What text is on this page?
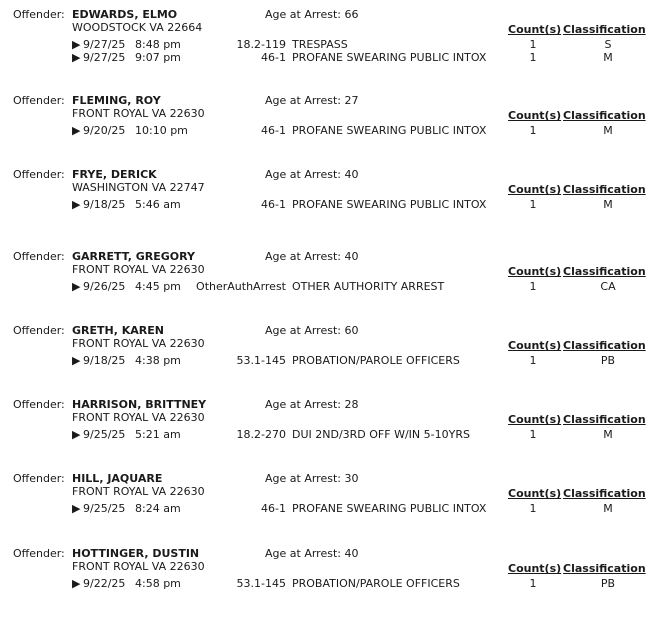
Offender: EDWARDS, ELMO
WOODSTOCK VA 22664
Age at Arrest: 66
Count(s) Classification
▶ 9/27/25 8:48 pm	18.2-119 TRESPASS	1	S
▶ 9/27/25 9:07 pm	46-1 PROFANE SWEARING PUBLIC INTOX	1	M
Offender: FLEMING, ROY
FRONT ROYAL VA 22630
Age at Arrest: 27
Count(s) Classification
▶ 9/20/25 10:10 pm	46-1 PROFANE SWEARING PUBLIC INTOX	1	M
Offender: FRYE, DERICK
WASHINGTON VA 22747
Age at Arrest: 40
Count(s) Classification
▶ 9/18/25 5:46 am	46-1 PROFANE SWEARING PUBLIC INTOX	1	M
Offender: GARRETT, GREGORY
FRONT ROYAL VA 22630
Age at Arrest: 40
Count(s) Classification
▶ 9/26/25 4:45 pm	OtherAuthArrest OTHER AUTHORITY ARREST	1	CA
Offender: GRETH, KAREN
FRONT ROYAL VA 22630
Age at Arrest: 60
Count(s) Classification
▶ 9/18/25 4:38 pm	53.1-145 PROBATION/PAROLE OFFICERS	1	PB
Offender: HARRISON, BRITTNEY
FRONT ROYAL VA 22630
Age at Arrest: 28
Count(s) Classification
▶ 9/25/25 5:21 am	18.2-270 DUI 2ND/3RD OFF W/IN 5-10YRS	1	M
Offender: HILL, JAQUARE
FRONT ROYAL VA 22630
Age at Arrest: 30
Count(s) Classification
▶ 9/25/25 8:24 am	46-1 PROFANE SWEARING PUBLIC INTOX	1	M
Offender: HOTTINGER, DUSTIN
FRONT ROYAL VA 22630
Age at Arrest: 40
Count(s) Classification
▶ 9/22/25 4:58 pm	53.1-145 PROBATION/PAROLE OFFICERS	1	PB
